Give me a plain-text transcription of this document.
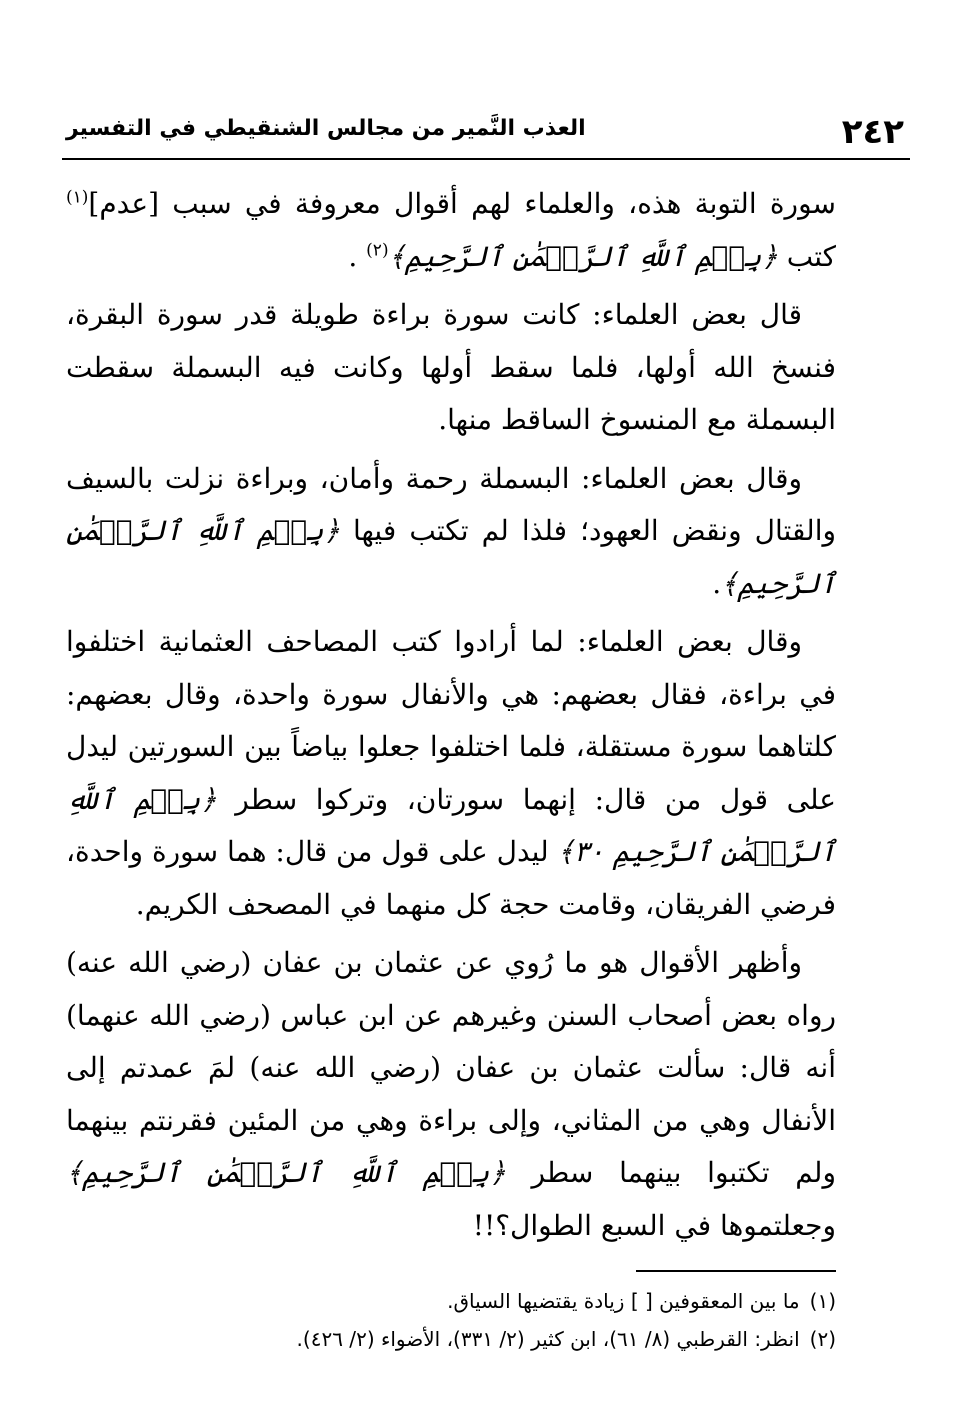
٢٤٢
العذب النَّمير من مجالس الشنقيطي في التفسير

سورة التوبة هذه، والعلماء لهم أقوال معروفة في سبب [عدم]$^{(١)}$ كتب ﴿بِسۡمِ ٱللَّهِ ٱلرَّحۡمَٰنِ ٱلرَّحِيمِ﴾$^{(٢)}$ .

قال بعض العلماء: كانت سورة براءة طويلة قدر سورة البقرة، فنسخ الله أولها، فلما سقط أولها وكانت فيه البسملة سقطت البسملة مع المنسوخ الساقط منها.

وقال بعض العلماء: البسملة رحمة وأمان، وبراءة نزلت بالسيف والقتال ونقض العهود؛ فلذا لم تكتب فيها ﴿بِسۡمِ ٱللَّهِ ٱلرَّحۡمَٰنِ ٱلرَّحِيمِ﴾.

وقال بعض العلماء: لما أرادوا كتب المصاحف العثمانية اختلفوا في براءة، فقال بعضهم: هي والأنفال سورة واحدة، وقال بعضهم: كلتاهما سورة مستقلة، فلما اختلفوا جعلوا بياضاً بين السورتين ليدل على قول من قال: إنهما سورتان، وتركوا سطر ﴿بِسۡمِ ٱللَّهِ ٱلرَّحۡمَٰنِ ٱلرَّحِيمِ ٣٠﴾ ليدل على قول من قال: هما سورة واحدة، فرضي الفريقان، وقامت حجة كل منهما في المصحف الكريم.

وأظهر الأقوال هو ما رُوي عن عثمان بن عفان (رضي الله عنه) رواه بعض أصحاب السنن وغيرهم عن ابن عباس (رضي الله عنهما) أنه قال: سألت عثمان بن عفان (رضي الله عنه) لمَ عمدتم إلى الأنفال وهي من المثاني، وإلى براءة وهي من المئين فقرنتم بينهما ولم تكتبوا بينهما سطر ﴿بِسۡمِ ٱللَّهِ ٱلرَّحۡمَٰنِ ٱلرَّحِيمِ﴾ وجعلتموها في السبع الطوال؟!!

(١)ما بين المعقوفين [ ] زيادة يقتضيها السياق.

(٢)انظر: القرطبي (٨/ ٦١)، ابن كثير (٢/ ٣٣١)، الأضواء (٢/ ٤٢٦).
